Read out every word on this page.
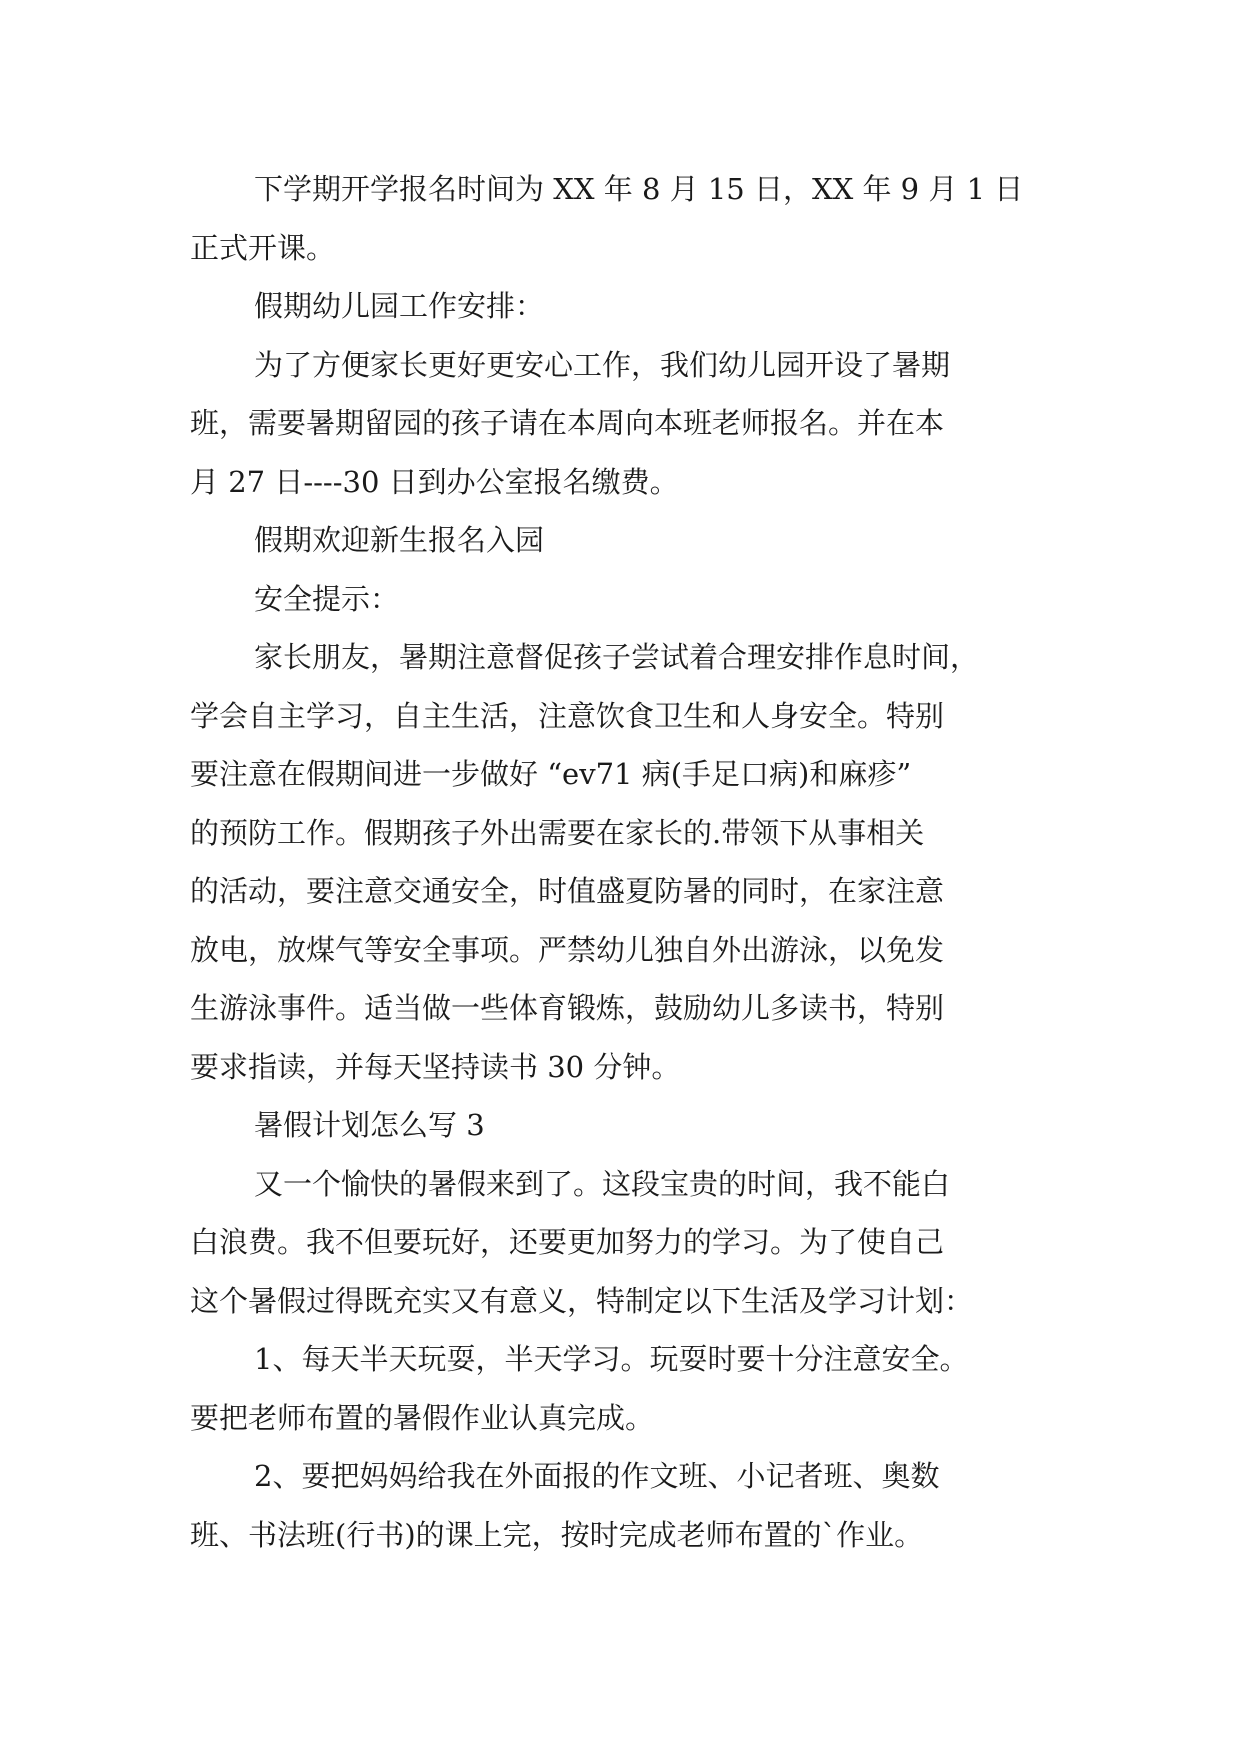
下学期开学报名时间为 XX 年 8 月 15 日，XX 年 9 月 1 日
正式开课。
假期幼儿园工作安排：
为了方便家长更好更安心工作，我们幼儿园开设了暑期
班，需要暑期留园的孩子请在本周向本班老师报名。并在本
月 27 日----30 日到办公室报名缴费。
假期欢迎新生报名入园
安全提示：
家长朋友，暑期注意督促孩子尝试着合理安排作息时间，
学会自主学习，自主生活，注意饮食卫生和人身安全。特别
要注意在假期间进一步做好 “ev71 病(手足口病)和麻疹”
的预防工作。假期孩子外出需要在家长的.带领下从事相关
的活动，要注意交通安全，时值盛夏防暑的同时，在家注意
放电，放煤气等安全事项。严禁幼儿独自外出游泳，以免发
生游泳事件。适当做一些体育锻炼，鼓励幼儿多读书，特别
要求指读，并每天坚持读书 30 分钟。
暑假计划怎么写 3
又一个愉快的暑假来到了。这段宝贵的时间，我不能白
白浪费。我不但要玩好，还要更加努力的学习。为了使自己
这个暑假过得既充实又有意义，特制定以下生活及学习计划：
1、每天半天玩耍，半天学习。玩耍时要十分注意安全。
要把老师布置的暑假作业认真完成。
2、要把妈妈给我在外面报的作文班、小记者班、奥数
班、书法班(行书)的课上完，按时完成老师布置的`作业。
